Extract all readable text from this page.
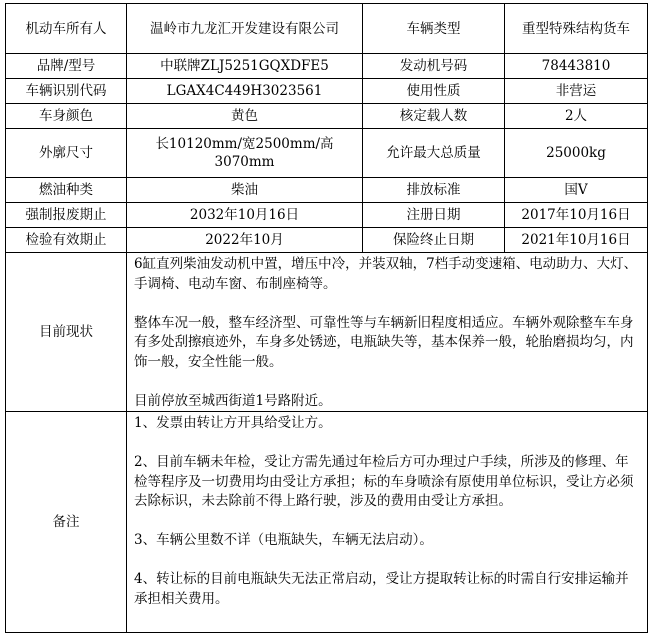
机动车所有人	温岭市九龙汇开发建设有限公司	车辆类型	重型特殊结构货车
品牌/型号	中联牌ZLJ5251GQXDFE5	发动机号码	78443810
车辆识别代码	LGAX4C449H3023561	使用性质	非营运
车身颜色	黄色	核定载人数	2人
外廓尺寸	长10120mm/宽2500mm/高3070mm	允许最大总质量	25000kg
燃油种类	柴油	排放标准	国V
强制报废期止	2032年10月16日	注册日期	2017年10月16日
检验有效期止	2022年10月	保险终止日期	2021年10月16日
目前现状	6缸直列柴油发动机中置，增压中冷，并装双轴，7档手动变速箱、电动助力、大灯、手调椅、电动车窗、布制座椅等。

整体车况一般，整车经济型、可靠性等与车辆新旧程度相适应。车辆外观除整车车身有多处刮擦痕迹外，车身多处锈迹，电瓶缺失等，基本保养一般，轮胎磨损均匀，内饰一般，安全性能一般。

目前停放至城西街道1号路附近。		

备注	1、发票由转让方开具给受让方。

2、目前车辆未年检，受让方需先通过年检后方可办理过户手续，所涉及的修理、年检等程序及一切费用均由受让方承担；标的车身喷涂有原使用单位标识，受让方必须去除标识，未去除前不得上路行驶，涉及的费用由受让方承担。

3、车辆公里数不详（电瓶缺失，车辆无法启动）。

4、转让标的目前电瓶缺失无法正常启动，受让方提取转让标的时需自行安排运输并承担相关费用。		
